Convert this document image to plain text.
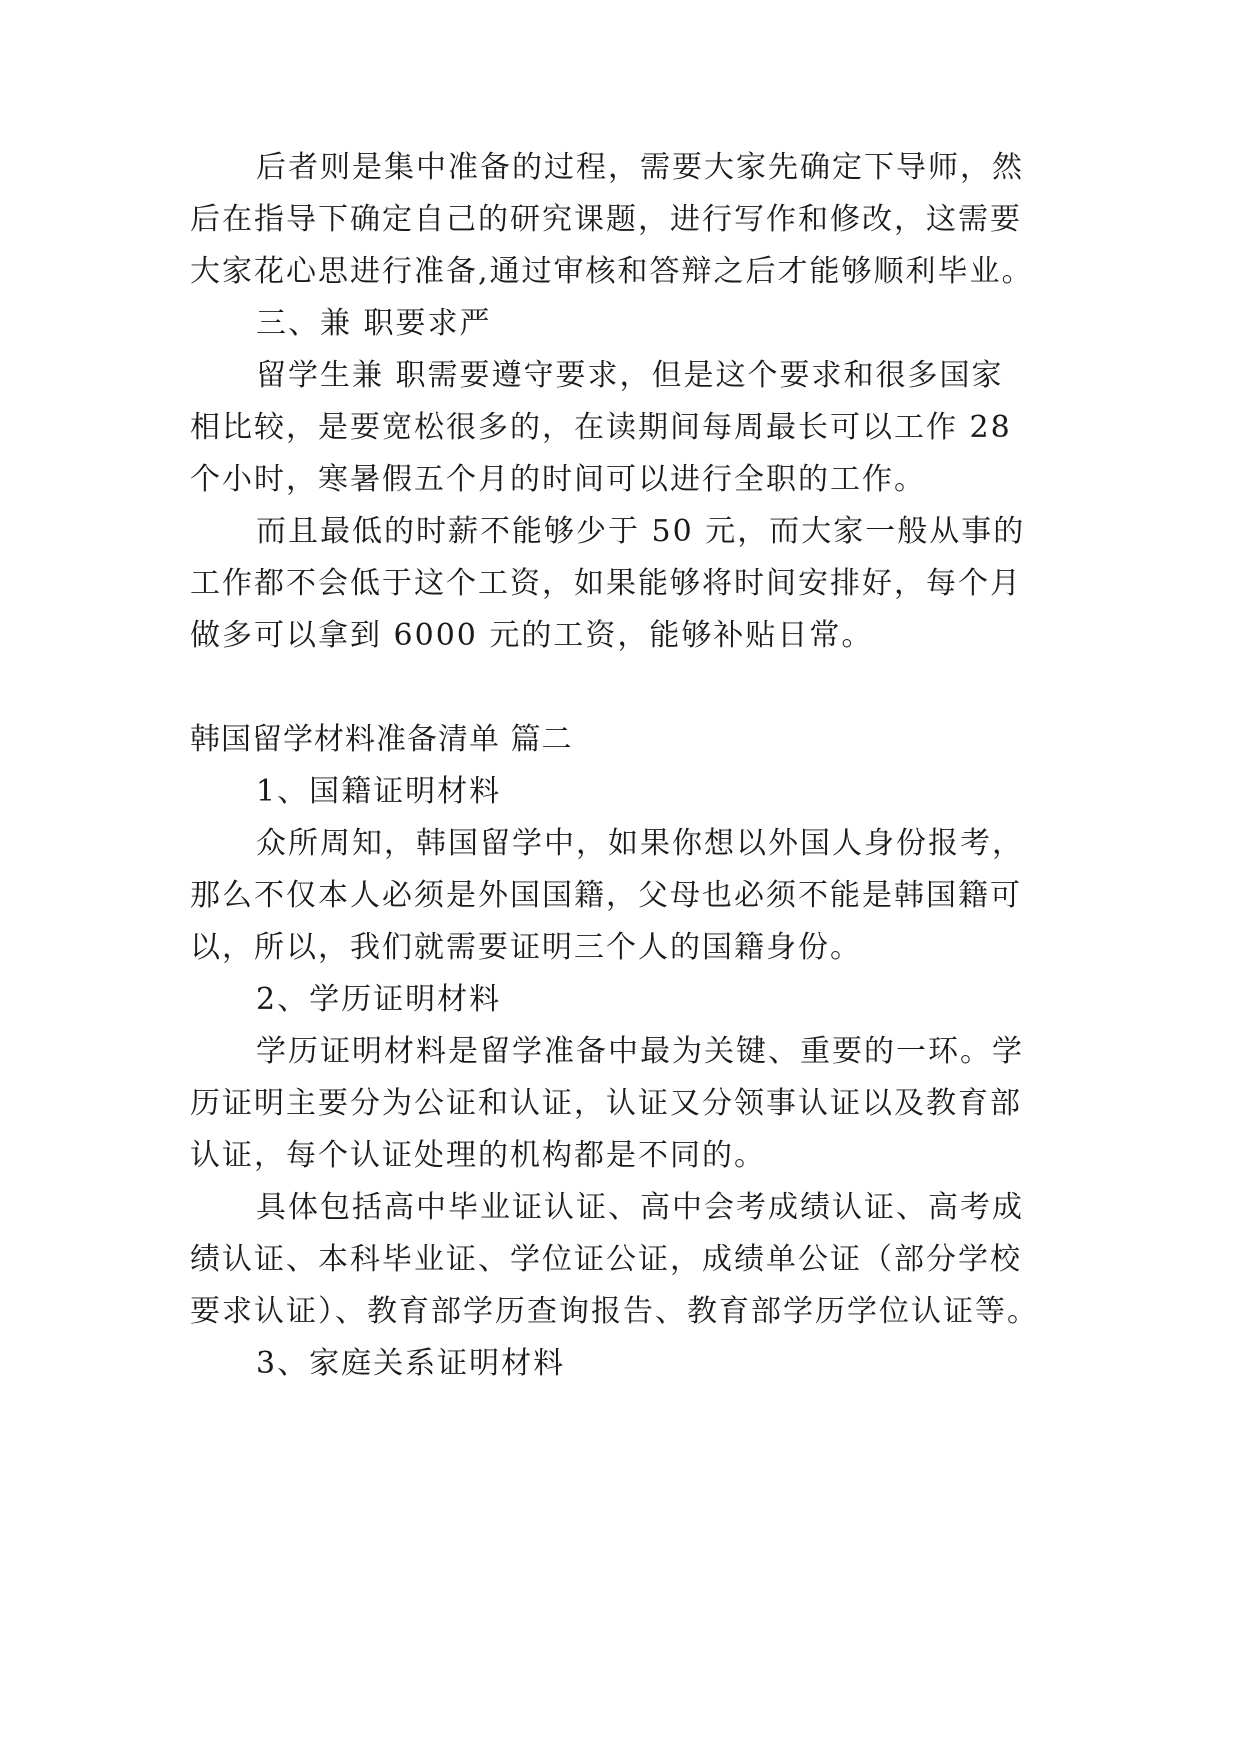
后者则是集中准备的过程，需要大家先确定下导师，然
后在指导下确定自己的研究课题，进行写作和修改，这需要
大家花心思进行准备,通过审核和答辩之后才能够顺利毕业。
三、兼 职要求严
留学生兼 职需要遵守要求，但是这个要求和很多国家
相比较，是要宽松很多的，在读期间每周最长可以工作 28
个小时，寒暑假五个月的时间可以进行全职的工作。
而且最低的时薪不能够少于 50 元，而大家一般从事的
工作都不会低于这个工资，如果能够将时间安排好，每个月
做多可以拿到 6000 元的工资，能够补贴日常。
韩国留学材料准备清单 篇二
1、国籍证明材料
众所周知，韩国留学中，如果你想以外国人身份报考，
那么不仅本人必须是外国国籍，父母也必须不能是韩国籍可
以，所以，我们就需要证明三个人的国籍身份。
2、学历证明材料
学历证明材料是留学准备中最为关键、重要的一环。学
历证明主要分为公证和认证，认证又分领事认证以及教育部
认证，每个认证处理的机构都是不同的。
具体包括高中毕业证认证、高中会考成绩认证、高考成
绩认证、本科毕业证、学位证公证，成绩单公证（部分学校
要求认证）、教育部学历查询报告、教育部学历学位认证等。
3、家庭关系证明材料
